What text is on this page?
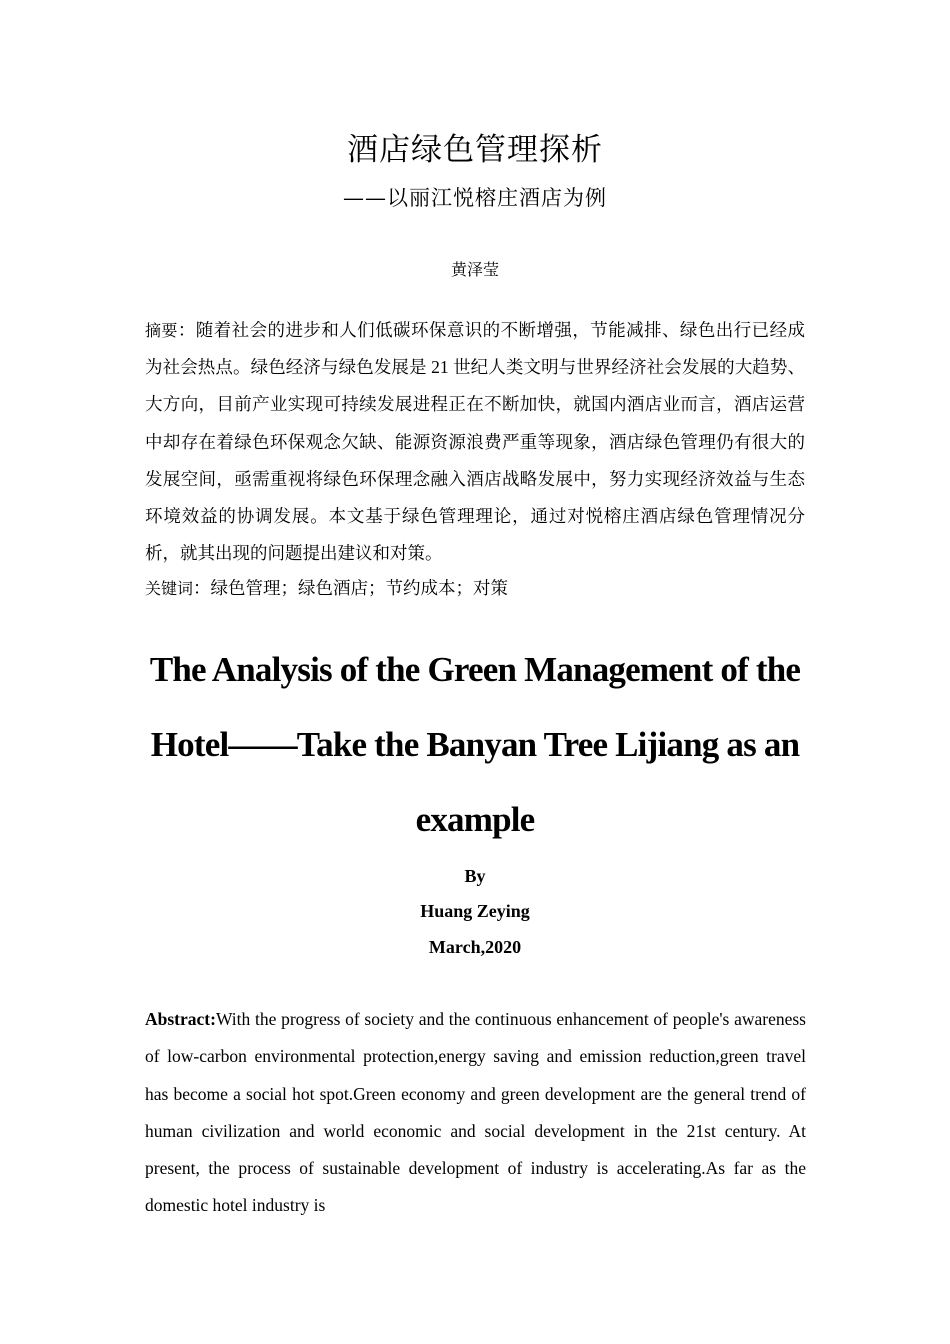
酒店绿色管理探析
——以丽江悦榕庄酒店为例
黄泽莹
摘要：随着社会的进步和人们低碳环保意识的不断增强，节能减排、绿色出行已经成为社会热点。绿色经济与绿色发展是 21 世纪人类文明与世界经济社会发展的大趋势、大方向，目前产业实现可持续发展进程正在不断加快，就国内酒店业而言，酒店运营中却存在着绿色环保观念欠缺、能源资源浪费严重等现象，酒店绿色管理仍有很大的发展空间，亟需重视将绿色环保理念融入酒店战略发展中，努力实现经济效益与生态环境效益的协调发展。本文基于绿色管理理论，通过对悦榕庄酒店绿色管理情况分析，就其出现的问题提出建议和对策。
关键词：绿色管理；绿色酒店；节约成本；对策
The Analysis of the Green Management of the Hotel——Take the Banyan Tree Lijiang as an example
By
Huang Zeying
March,2020
Abstract:With the progress of society and the continuous enhancement of people's awareness of low-carbon environmental protection,energy saving and emission reduction,green travel has become a social hot spot.Green economy and green development are the general trend of human civilization and world economic and social development in the 21st century. At present, the process of sustainable development of industry is accelerating.As far as the domestic hotel industry is
